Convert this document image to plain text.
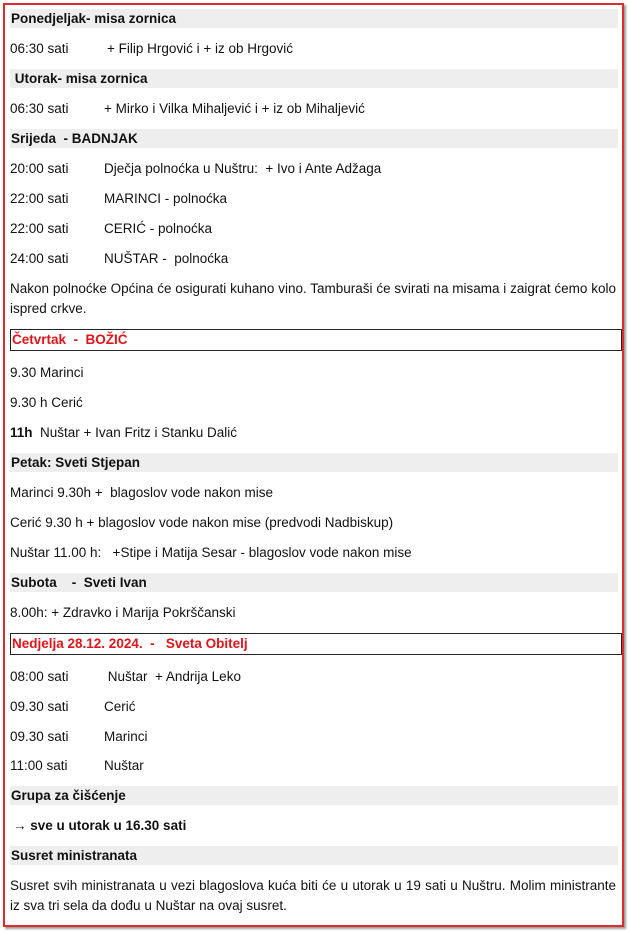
Ponedjeljak- misa zornica

06:30 sati

	+ Filip Hrgović i + iz ob Hrgović

Utorak- misa zornica

06:30 sati

	+ Mirko i Vilka Mihaljević i + iz ob Mihaljević

Srijeda  - BADNJAK

20:00 sati

	Dječja polnoćka u Nuštru:  + Ivo i Ante Adžaga

22:00 sati

	MARINCI - polnoćka

22:00 sati

	CERIĆ - polnoćka

24:00 sati

	NUŠTAR -  polnoćka

Nakon polnoćke Općina će osigurati kuhano vino. Tamburaši će svirati na misama i zaigrat ćemo kolo ispred crkve.
Četvrtak  -  BOŽIĆ
9.30 Marinci
9.30 h Cerić
11h  Nuštar + Ivan Fritz i Stanku Dalić
Petak: Sveti Stjepan
Marinci 9.30h +  blagoslov vode nakon mise
Cerić 9.30 h + blagoslov vode nakon mise (predvodi Nadbiskup)
Nuštar 11.00 h:   +Stipe i Matija Sesar - blagoslov vode nakon mise
Subota    -  Sveti Ivan
8.00h: + Zdravko i Marija Pokrščanski
Nedjelja 28.12. 2024.  -   Sveta Obitelj

08:00 sati

	Nuštar  + Andrija Leko

09.30 sati

	Cerić

09.30 sati

	Marinci

11:00 sati

	Nuštar

Grupa za čišćenje
→ sve u utorak u 16.30 sati
Susret ministranata
Susret svih ministranata u vezi blagoslova kuća biti će u utorak u 19 sati u Nuštru. Molim ministrante iz sva tri sela da dođu u Nuštar na ovaj susret.
